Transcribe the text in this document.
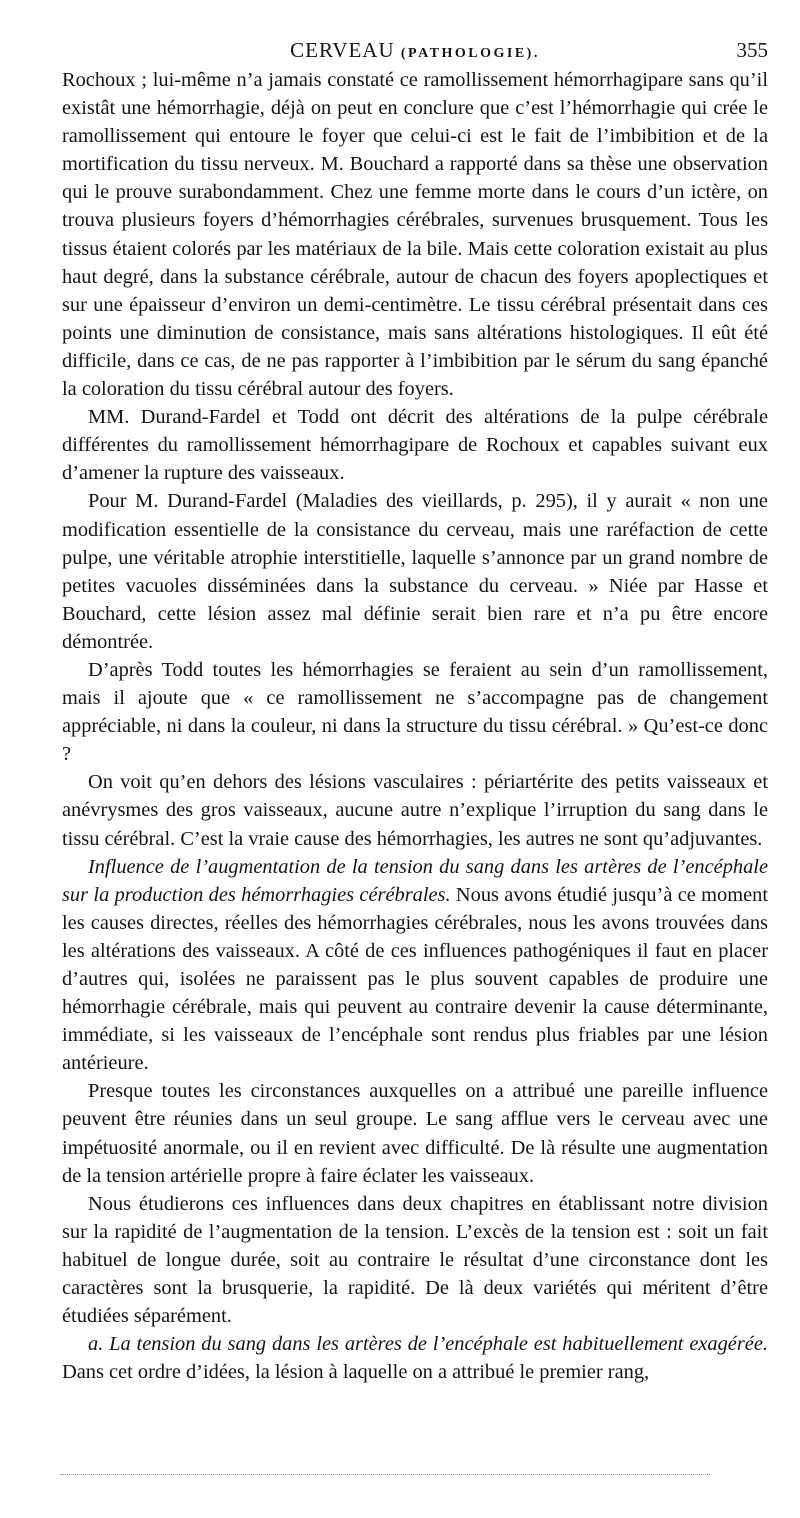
CERVEAU (PATHOLOGIE).	355

Rochoux ; lui-même n’a jamais constaté ce ramollissement hémorrhagipare sans qu’il existât une hémorrhagie, déjà on peut en conclure que c’est l’hémorrhagie qui crée le ramollissement qui entoure le foyer que celui-ci est le fait de l’imbibition et de la mortification du tissu nerveux. M. Bouchard a rapporté dans sa thèse une observation qui le prouve surabondamment. Chez une femme morte dans le cours d’un ictère, on trouva plusieurs foyers d’hémorrhagies cérébrales, survenues brusquement. Tous les tissus étaient colorés par les matériaux de la bile. Mais cette coloration existait au plus haut degré, dans la substance cérébrale, autour de chacun des foyers apoplectiques et sur une épaisseur d’environ un demi-centimètre. Le tissu cérébral présentait dans ces points une diminution de consistance, mais sans altérations histologiques. Il eût été difficile, dans ce cas, de ne pas rapporter à l’imbibition par le sérum du sang épanché la coloration du tissu cérébral autour des foyers.

MM. Durand-Fardel et Todd ont décrit des altérations de la pulpe cérébrale différentes du ramollissement hémorrhagipare de Rochoux et capables suivant eux d’amener la rupture des vaisseaux.

Pour M. Durand-Fardel (Maladies des vieillards, p. 295), il y aurait « non une modification essentielle de la consistance du cerveau, mais une raréfaction de cette pulpe, une véritable atrophie interstitielle, laquelle s’annonce par un grand nombre de petites vacuoles disséminées dans la substance du cerveau. » Niée par Hasse et Bouchard, cette lésion assez mal définie serait bien rare et n’a pu être encore démontrée.

D’après Todd toutes les hémorrhagies se feraient au sein d’un ramollissement, mais il ajoute que « ce ramollissement ne s’accompagne pas de changement appréciable, ni dans la couleur, ni dans la structure du tissu cérébral. » Qu’est-ce donc ?

On voit qu’en dehors des lésions vasculaires : périartérite des petits vaisseaux et anévrysmes des gros vaisseaux, aucune autre n’explique l’irruption du sang dans le tissu cérébral. C’est la vraie cause des hémorrhagies, les autres ne sont qu’adjuvantes.

Influence de l’augmentation de la tension du sang dans les artères de l’encéphale sur la production des hémorrhagies cérébrales. Nous avons étudié jusqu’à ce moment les causes directes, réelles des hémorrhagies cérébrales, nous les avons trouvées dans les altérations des vaisseaux. A côté de ces influences pathogéniques il faut en placer d’autres qui, isolées ne paraissent pas le plus souvent capables de produire une hémorrhagie cérébrale, mais qui peuvent au contraire devenir la cause déterminante, immédiate, si les vaisseaux de l’encéphale sont rendus plus friables par une lésion antérieure.

Presque toutes les circonstances auxquelles on a attribué une pareille influence peuvent être réunies dans un seul groupe. Le sang afflue vers le cerveau avec une impétuosité anormale, ou il en revient avec difficulté. De là résulte une augmentation de la tension artérielle propre à faire éclater les vaisseaux.

Nous étudierons ces influences dans deux chapitres en établissant notre division sur la rapidité de l’augmentation de la tension. L’excès de la tension est : soit un fait habituel de longue durée, soit au contraire le résultat d’une circonstance dont les caractères sont la brusquerie, la rapidité. De là deux variétés qui méritent d’être étudiées séparément.

a. La tension du sang dans les artères de l’encéphale est habituellement exagérée. Dans cet ordre d’idées, la lésion à laquelle on a attribué le premier rang,
